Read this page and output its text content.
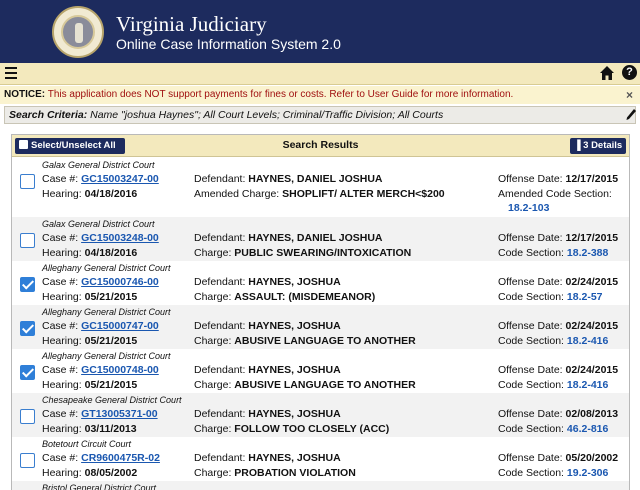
Virginia Judiciary
Online Case Information System 2.0
?
NOTICE: This application does NOT support payments for fines or costs. Refer to User Guide for more information.	×
Search Criteria: Name "joshua Haynes"; All Court Levels; Criminal/Traffic Division; All Courts
Select/Unselect All	Search Results	▐ 3 Details
Galax General District Court
Case #: GC15003247-00
Hearing: 04/18/2016
Defendant: HAYNES, DANIEL JOSHUA
Amended Charge: SHOPLIFT/ ALTER MERCH<$200
Offense Date: 12/17/2015
Amended Code Section:
18.2-103
Galax General District Court
Case #: GC15003248-00
Hearing: 04/18/2016
Defendant: HAYNES, DANIEL JOSHUA
Charge: PUBLIC SWEARING/INTOXICATION
Offense Date: 12/17/2015
Code Section: 18.2-388
Alleghany General District Court
Case #: GC15000746-00
Hearing: 05/21/2015
Defendant: HAYNES, JOSHUA
Charge: ASSAULT: (MISDEMEANOR)
Offense Date: 02/24/2015
Code Section: 18.2-57
Alleghany General District Court
Case #: GC15000747-00
Hearing: 05/21/2015
Defendant: HAYNES, JOSHUA
Charge: ABUSIVE LANGUAGE TO ANOTHER
Offense Date: 02/24/2015
Code Section: 18.2-416
Alleghany General District Court
Case #: GC15000748-00
Hearing: 05/21/2015
Defendant: HAYNES, JOSHUA
Charge: ABUSIVE LANGUAGE TO ANOTHER
Offense Date: 02/24/2015
Code Section: 18.2-416
Chesapeake General District Court
Case #: GT13005371-00
Hearing: 03/11/2013
Defendant: HAYNES, JOSHUA
Charge: FOLLOW TOO CLOSELY (ACC)
Offense Date: 02/08/2013
Code Section: 46.2-816
Botetourt Circuit Court
Case #: CR9600475R-02
Hearing: 08/05/2002
Defendant: HAYNES, JOSHUA
Charge: PROBATION VIOLATION
Offense Date: 05/20/2002
Code Section: 19.2-306
Bristol General District Court
